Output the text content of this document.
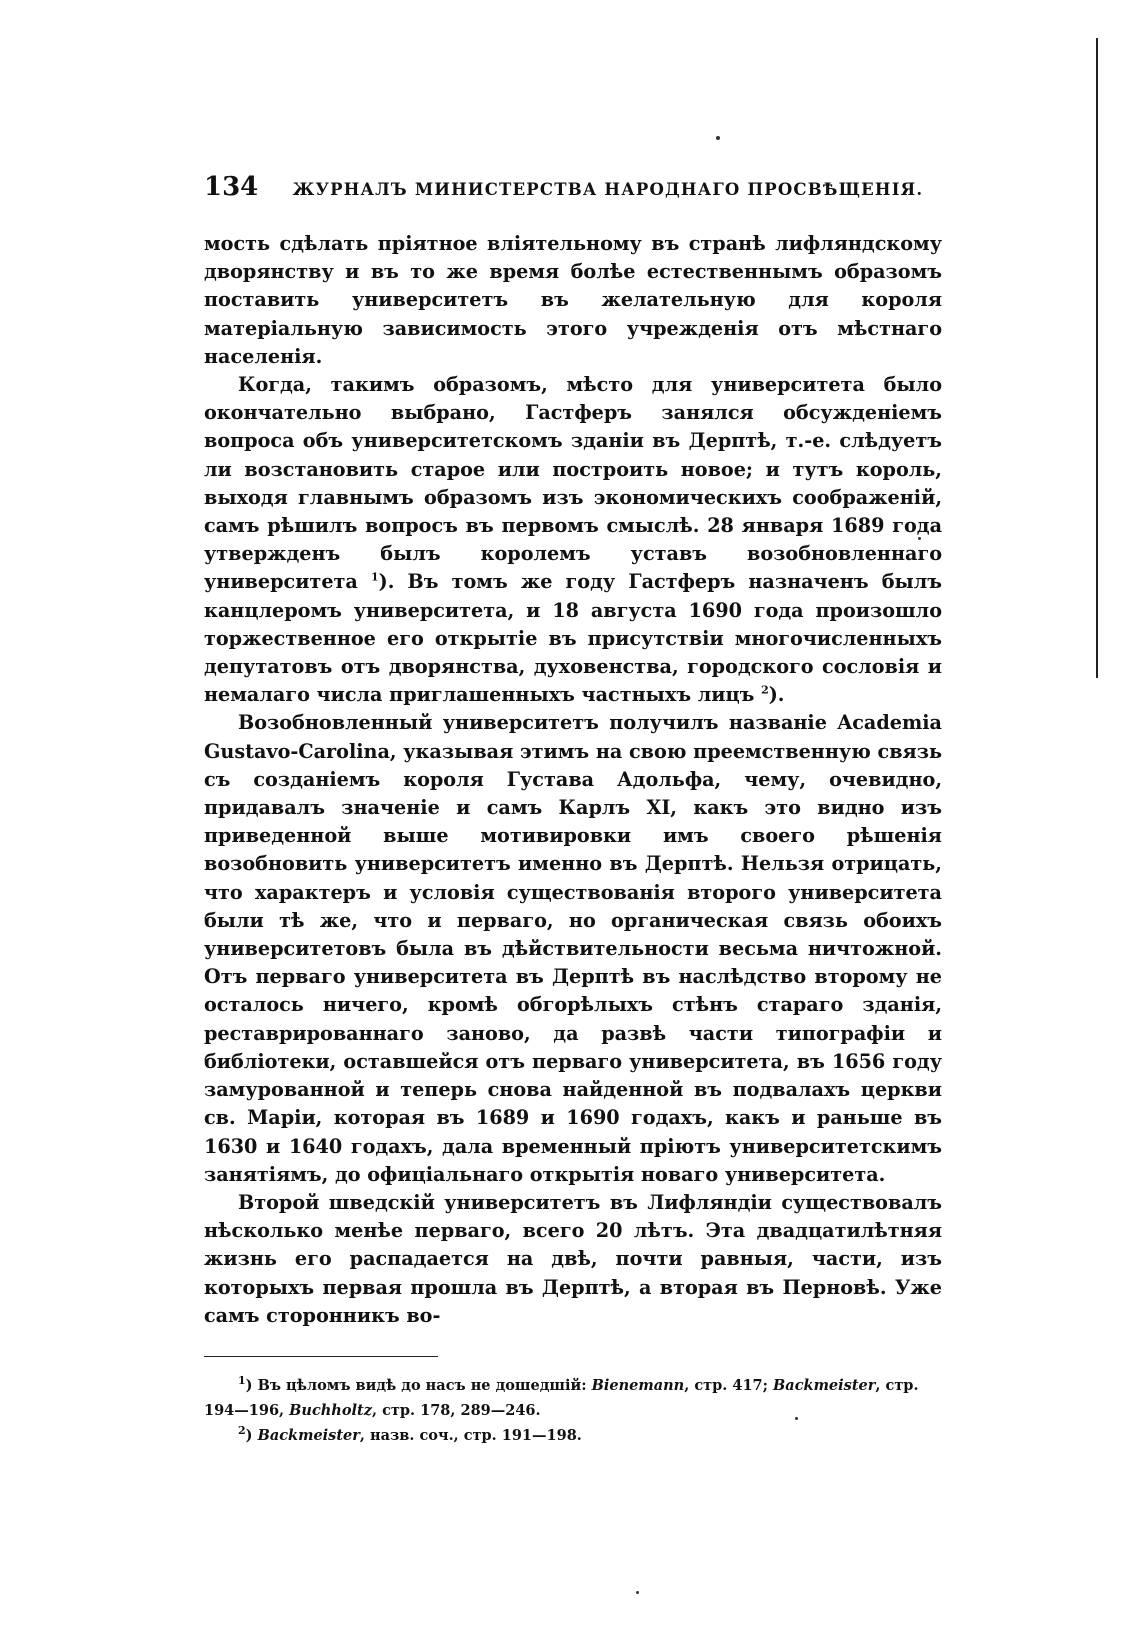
134	ЖУРНАЛЪ МИНИСТЕРСТВА НАРОДНАГО ПРОСВѢЩЕНІЯ.

мость сдѣлать пріятное вліятельному въ странѣ лифляндскому дворянству и въ то же время болѣе естественнымъ образомъ поставить университетъ въ желательную для короля матеріальную зависимость этого учрежденія отъ мѣстнаго населенія.

Когда, такимъ образомъ, мѣсто для университета было окончательно выбрано, Гастферъ занялся обсужденіемъ вопроса объ университетскомъ зданіи въ Дерптѣ, т.-е. слѣдуетъ ли возстановить старое или построить новое; и тутъ король, выходя главнымъ образомъ изъ экономическихъ соображеній, самъ рѣшилъ вопросъ въ первомъ смыслѣ. 28 января 1689 года утвержденъ былъ королемъ уставъ возобновленнаго университета $^1$). Въ томъ же году Гастферъ назначенъ былъ канцлеромъ университета, и 18 августа 1690 года произошло торжественное его открытіе въ присутствіи многочисленныхъ депутатовъ отъ дворянства, духовенства, городского сословія и немалаго числа приглашенныхъ частныхъ лицъ $^2$).

Возобновленный университетъ получилъ названіе Academia Gustavo-Carolina, указывая этимъ на свою преемственную связь съ созданіемъ короля Густава Адольфа, чему, очевидно, придавалъ значеніе и самъ Карлъ XI, какъ это видно изъ приведенной выше мотивировки имъ своего рѣшенія возобновить университетъ именно въ Дерптѣ. Нельзя отрицать, что характеръ и условія существованія второго университета были тѣ же, что и перваго, но органическая связь обоихъ университетовъ была въ дѣйствительности весьма ничтожной. Отъ перваго университета въ Дерптѣ въ наслѣдство второму не осталось ничего, кромѣ обгорѣлыхъ стѣнъ стараго зданія, реставрированнаго заново, да развѣ части типографіи и библіотеки, оставшейся отъ перваго университета, въ 1656 году замурованной и теперь снова найденной въ подвалахъ церкви св. Маріи, которая въ 1689 и 1690 годахъ, какъ и раньше въ 1630 и 1640 годахъ, дала временный пріютъ университетскимъ занятіямъ, до офиціальнаго открытія новаго университета.

Второй шведскій университетъ въ Лифляндіи существовалъ нѣсколько менѣе перваго, всего 20 лѣтъ. Эта двадцатилѣтняя жизнь его распадается на двѣ, почти равныя, части, изъ которыхъ первая прошла въ Дерптѣ, а вторая въ Перновѣ. Уже самъ сторонникъ во-

$^1$) Въ цѣломъ видѣ до насъ не дошедшій: Bienemann, стр. 417; Backmeister, стр. 194—196, Buchholtz, стр. 178, 289—246.

$^2$) Backmeister, назв. соч., стр. 191—198.
